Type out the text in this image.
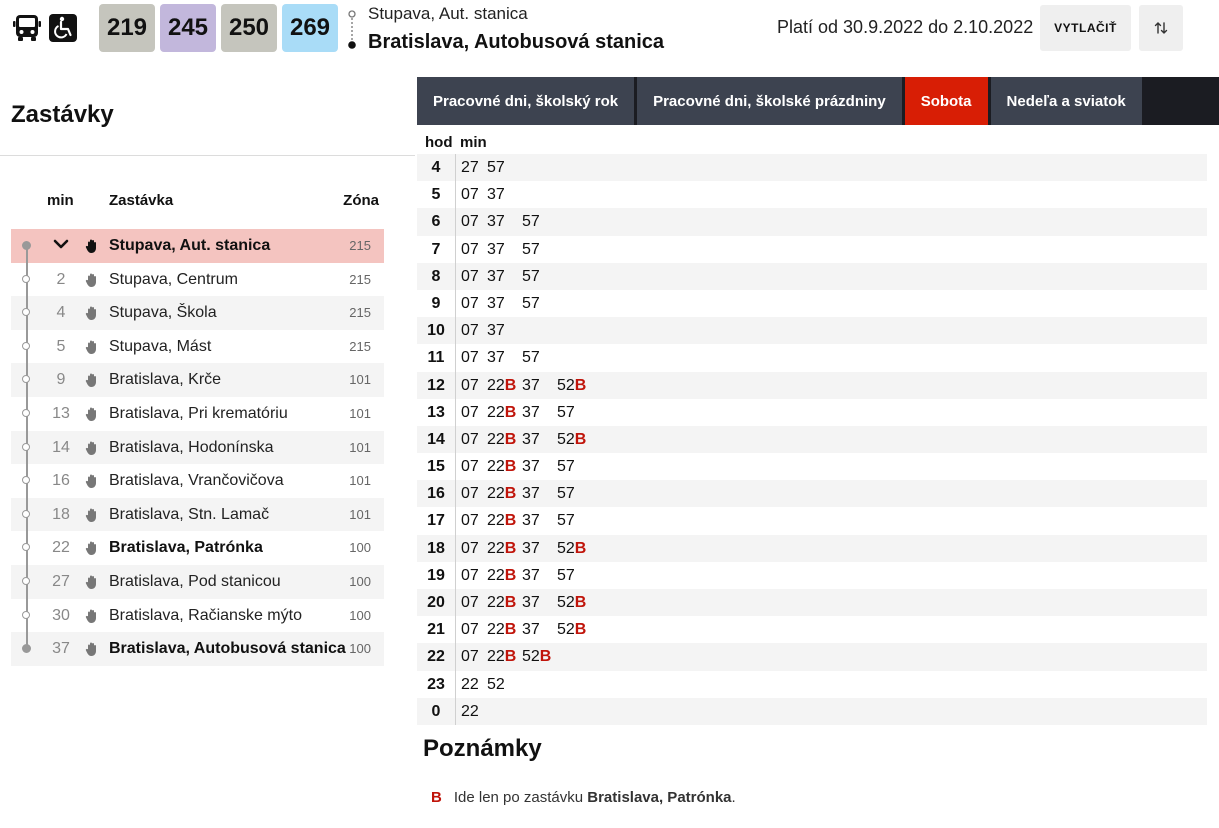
219 245 250 269
Stupava, Aut. stanica
Bratislava, Autobusová stanica
Platí od 30.9.2022 do 2.10.2022	VYTLAČIŤ
Zastávky
min Zastávka	Zóna
Stupava, Aut. stanica	215
2	Stupava, Centrum	215
4	Stupava, Škola	215
5	Stupava, Mást	215
9	Bratislava, Krče	101
13	Bratislava, Pri krematóriu	101
14	Bratislava, Hodonínska	101
16	Bratislava, Vrančovičova	101
18	Bratislava, Stn. Lamač	101
22	Bratislava, Patrónka	100
27	Bratislava, Pod stanicou	100
30	Bratislava, Račianske mýto	100
37	Bratislava, Autobusová stanica 100
Pracovné dni, školský rok	Pracovné dni, školské prázdniny	Sobota	Nedeľa a sviatok
hod min
4	27 57
5	07 37
6	07 37 57
7	07 37 57
8	07 37 57
9	07 37 57
10	07 37
11	07 37 57
12	07 22B 37 52B
13	07 22B 37 57
14	07 22B 37 52B
15	07 22B 37 57
16	07 22B 37 57
17	07 22B 37 57
18	07 22B 37 52B
19	07 22B 37 57
20	07 22B 37 52B
21	07 22B 37 52B
22	07 22B 52B
23	22 52
0	22
Poznámky
B Ide len po zastávku Bratislava, Patrónka.
